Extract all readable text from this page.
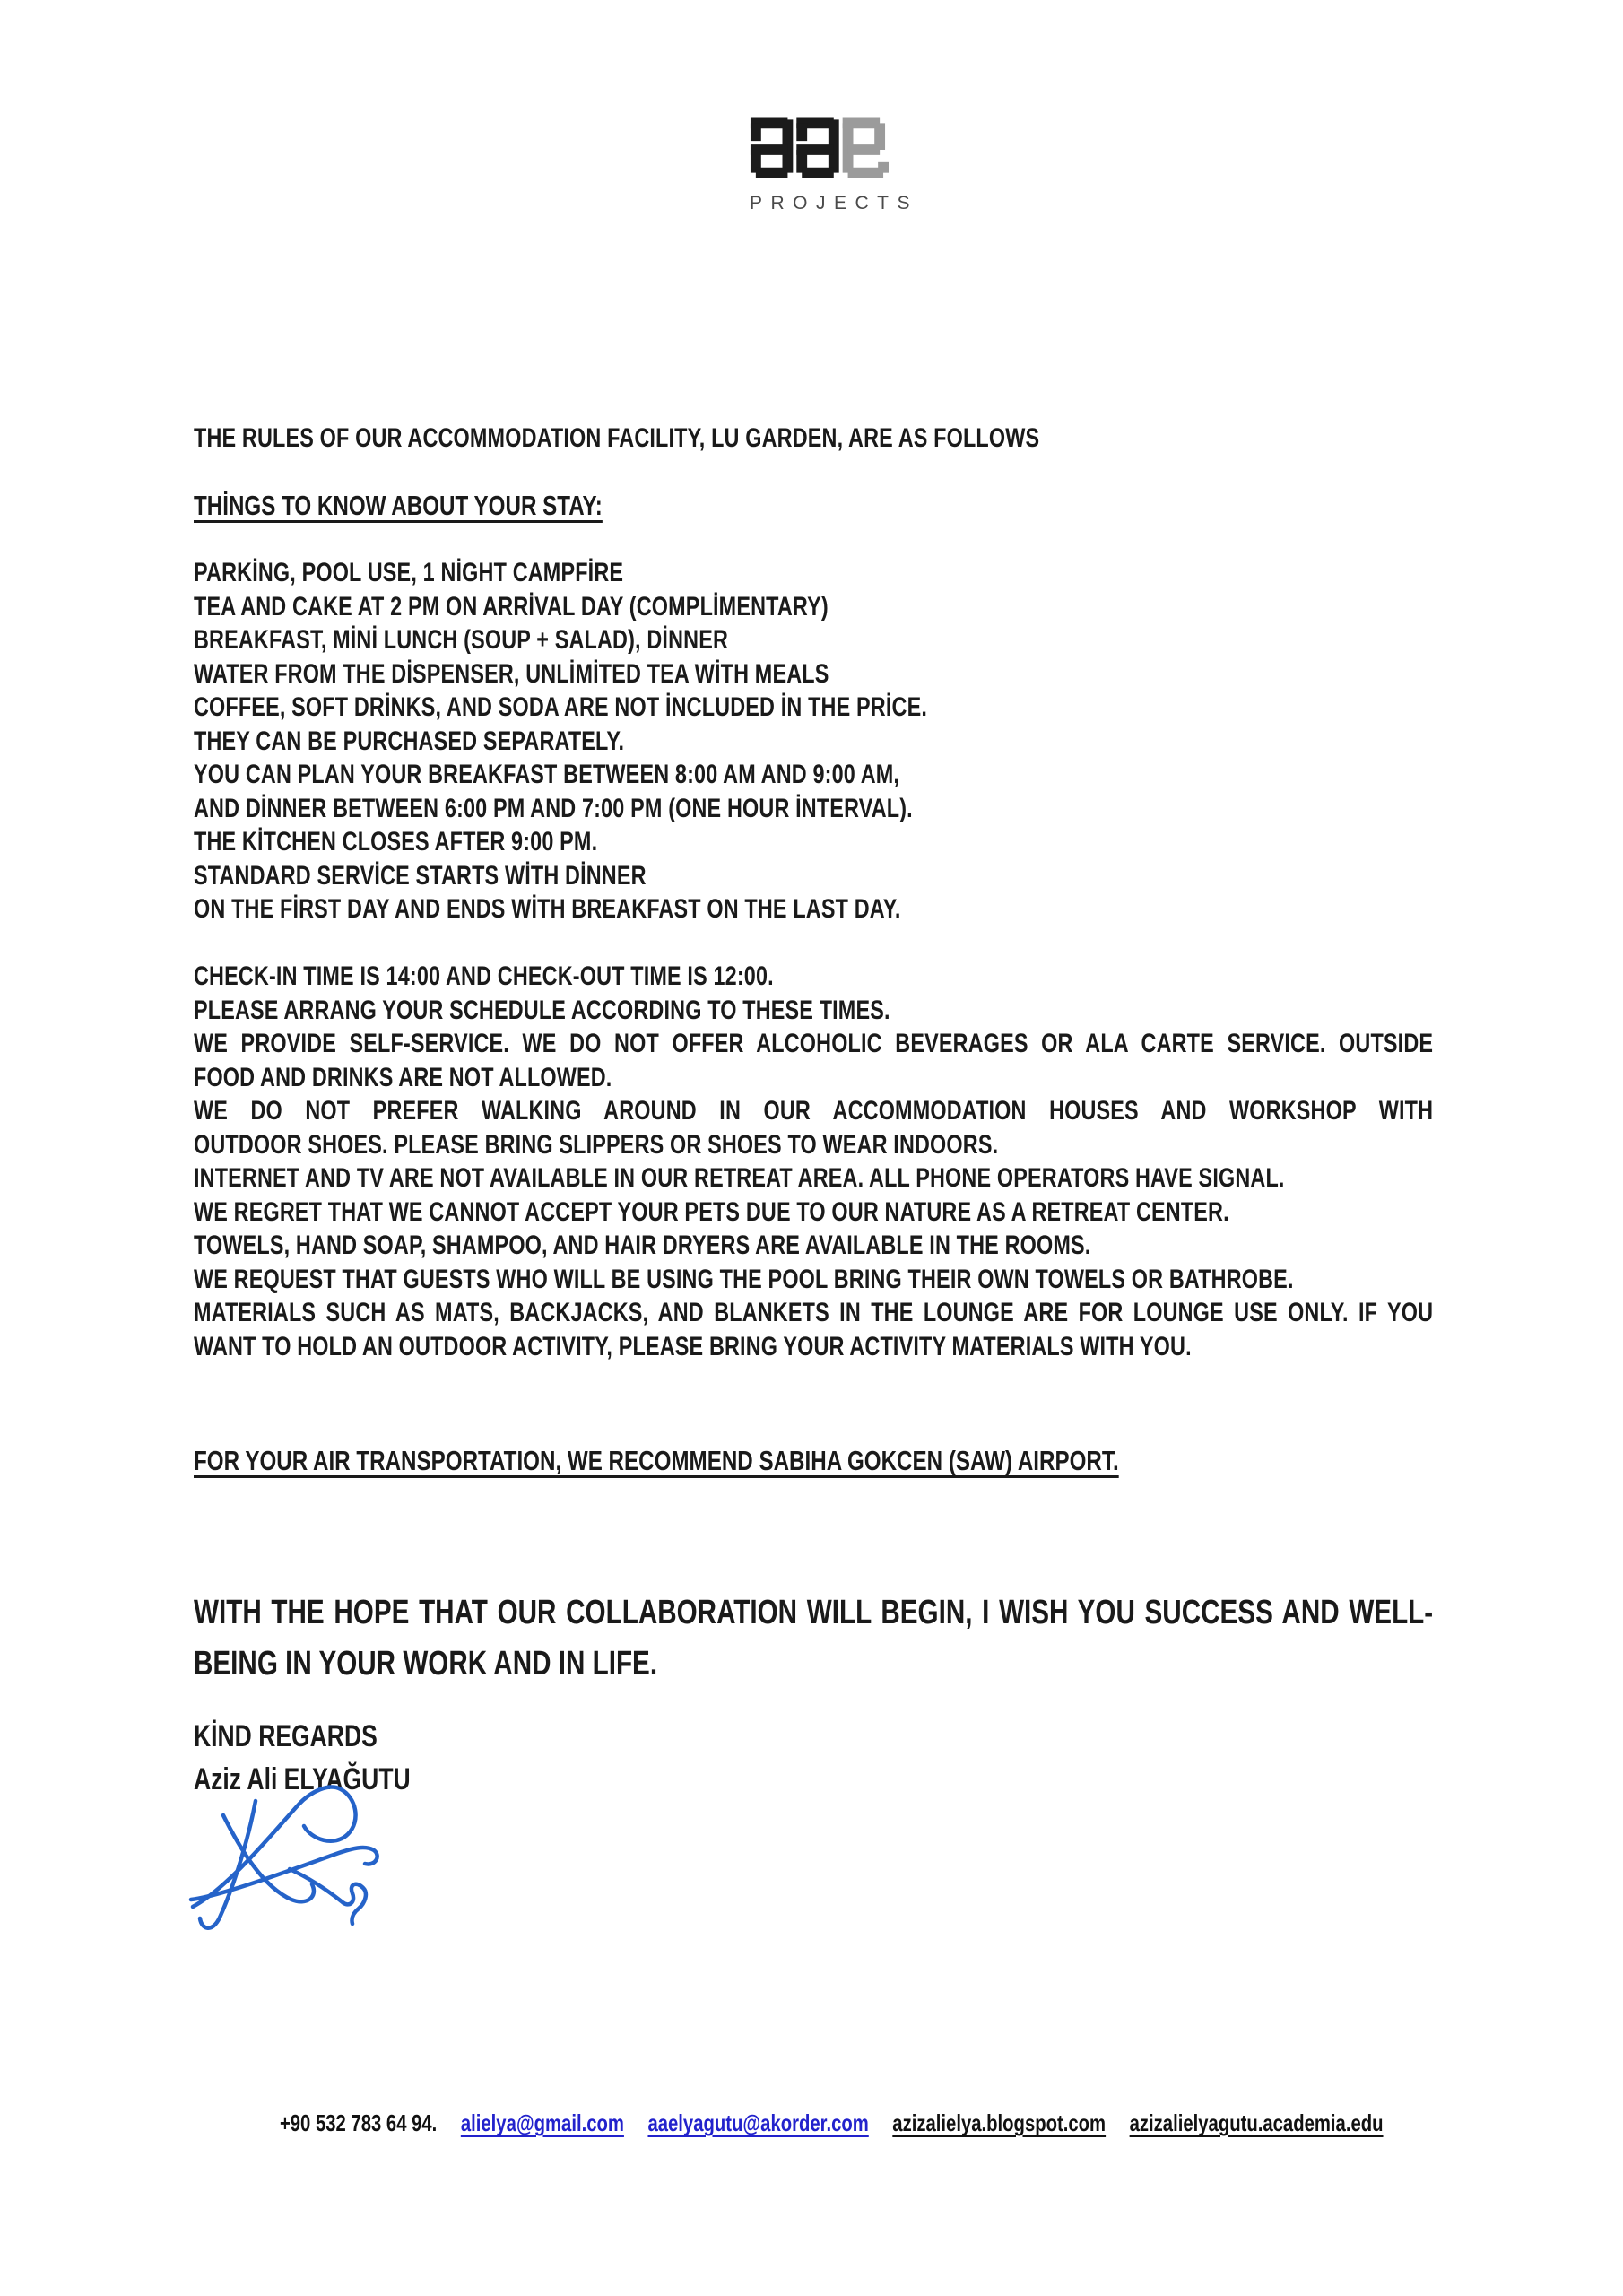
PROJECTS
THE RULES OF OUR ACCOMMODATION FACILITY, LU GARDEN, ARE AS FOLLOWS
THİNGS TO KNOW ABOUT YOUR STAY:
PARKİNG, POOL USE, 1 NİGHT CAMPFİRE
TEA AND CAKE AT 2 PM ON ARRİVAL DAY (COMPLİMENTARY)
BREAKFAST, MİNİ LUNCH (SOUP + SALAD), DİNNER
WATER FROM THE DİSPENSER, UNLİMİTED TEA WİTH MEALS
COFFEE, SOFT DRİNKS, AND SODA ARE NOT İNCLUDED İN THE PRİCE.
THEY CAN BE PURCHASED SEPARATELY.
YOU CAN PLAN YOUR BREAKFAST BETWEEN 8:00 AM AND 9:00 AM,
AND DİNNER BETWEEN 6:00 PM AND 7:00 PM (ONE HOUR İNTERVAL).
THE KİTCHEN CLOSES AFTER 9:00 PM.
STANDARD SERVİCE STARTS WİTH DİNNER
ON THE FİRST DAY AND ENDS WİTH BREAKFAST ON THE LAST DAY.
CHECK-IN TIME IS 14:00 AND CHECK-OUT TIME IS 12:00.
PLEASE ARRANG YOUR SCHEDULE ACCORDING TO THESE TIMES.
WE PROVIDE SELF-SERVICE. WE DO NOT OFFER ALCOHOLIC BEVERAGES OR ALA CARTE SERVICE. OUTSIDE
FOOD AND DRINKS ARE NOT ALLOWED.
WE DO NOT PREFER WALKING AROUND IN OUR ACCOMMODATION HOUSES AND WORKSHOP WITH
OUTDOOR SHOES. PLEASE BRING SLIPPERS OR SHOES TO WEAR INDOORS.
INTERNET AND TV ARE NOT AVAILABLE IN OUR RETREAT AREA. ALL PHONE OPERATORS HAVE SIGNAL.
WE REGRET THAT WE CANNOT ACCEPT YOUR PETS DUE TO OUR NATURE AS A RETREAT CENTER.
TOWELS, HAND SOAP, SHAMPOO, AND HAIR DRYERS ARE AVAILABLE IN THE ROOMS.
WE REQUEST THAT GUESTS WHO WILL BE USING THE POOL BRING THEIR OWN TOWELS OR BATHROBE.
MATERIALS SUCH AS MATS, BACKJACKS, AND BLANKETS IN THE LOUNGE ARE FOR LOUNGE USE ONLY. IF YOU
WANT TO HOLD AN OUTDOOR ACTIVITY, PLEASE BRING YOUR ACTIVITY MATERIALS WITH YOU.
FOR YOUR AIR TRANSPORTATION, WE RECOMMEND SABIHA GOKCEN (SAW) AIRPORT.
WITH THE HOPE THAT OUR COLLABORATION WILL BEGIN, I WISH YOU SUCCESS AND WELL-
BEING IN YOUR WORK AND IN LIFE.
KİND REGARDS
Aziz Ali ELYAĞUTU
+90 532 783 64 94. alielya@gmail.com aaelyagutu@akorder.com azizalielya.blogspot.com azizalielyagutu.academia.edu
